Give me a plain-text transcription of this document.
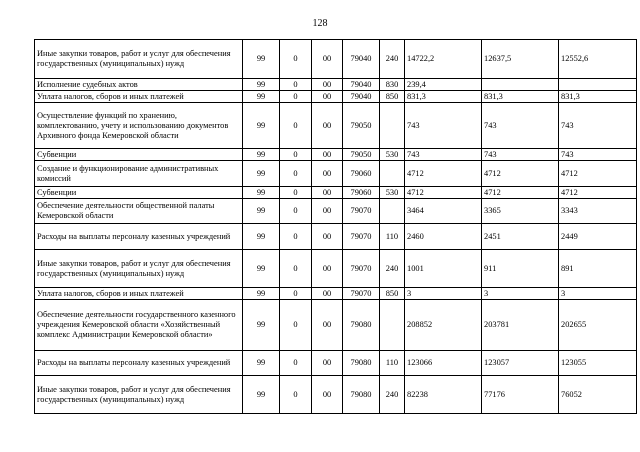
128
Иные закупки товаров, работ и услуг для обеспечения государственных (муниципальных) нужд	99	0	00	79040	240	14722,2	12637,5	12552,6
Исполнение судебных актов	99	0	00	79040	830	239,4		
Уплата налогов, сборов и иных платежей	99	0	00	79040	850	831,3	831,3	831,3
Осуществление функций по хранению, комплектованию, учету и использованию документов Архивного фонда Кемеровской области	99	0	00	79050		743	743	743
Субвенции	99	0	00	79050	530	743	743	743
Создание и функционирование административных комиссий	99	0	00	79060		4712	4712	4712
Субвенции	99	0	00	79060	530	4712	4712	4712
Обеспечение деятельности общественной палаты Кемеровской области	99	0	00	79070		3464	3365	3343
Расходы на выплаты персоналу казенных учреждений	99	0	00	79070	110	2460	2451	2449
Иные закупки товаров, работ и услуг для обеспечения государственных (муниципальных) нужд	99	0	00	79070	240	1001	911	891
Уплата налогов, сборов и иных платежей	99	0	00	79070	850	3	3	3
Обеспечение деятельности государственного казенного учреждения Кемеровской области «Хозяйственный комплекс Администрации Кемеровской области»	99	0	00	79080		208852	203781	202655
Расходы на выплаты персоналу казенных учреждений	99	0	00	79080	110	123066	123057	123055
Иные закупки товаров, работ и услуг для обеспечения государственных (муниципальных) нужд	99	0	00	79080	240	82238	77176	76052
